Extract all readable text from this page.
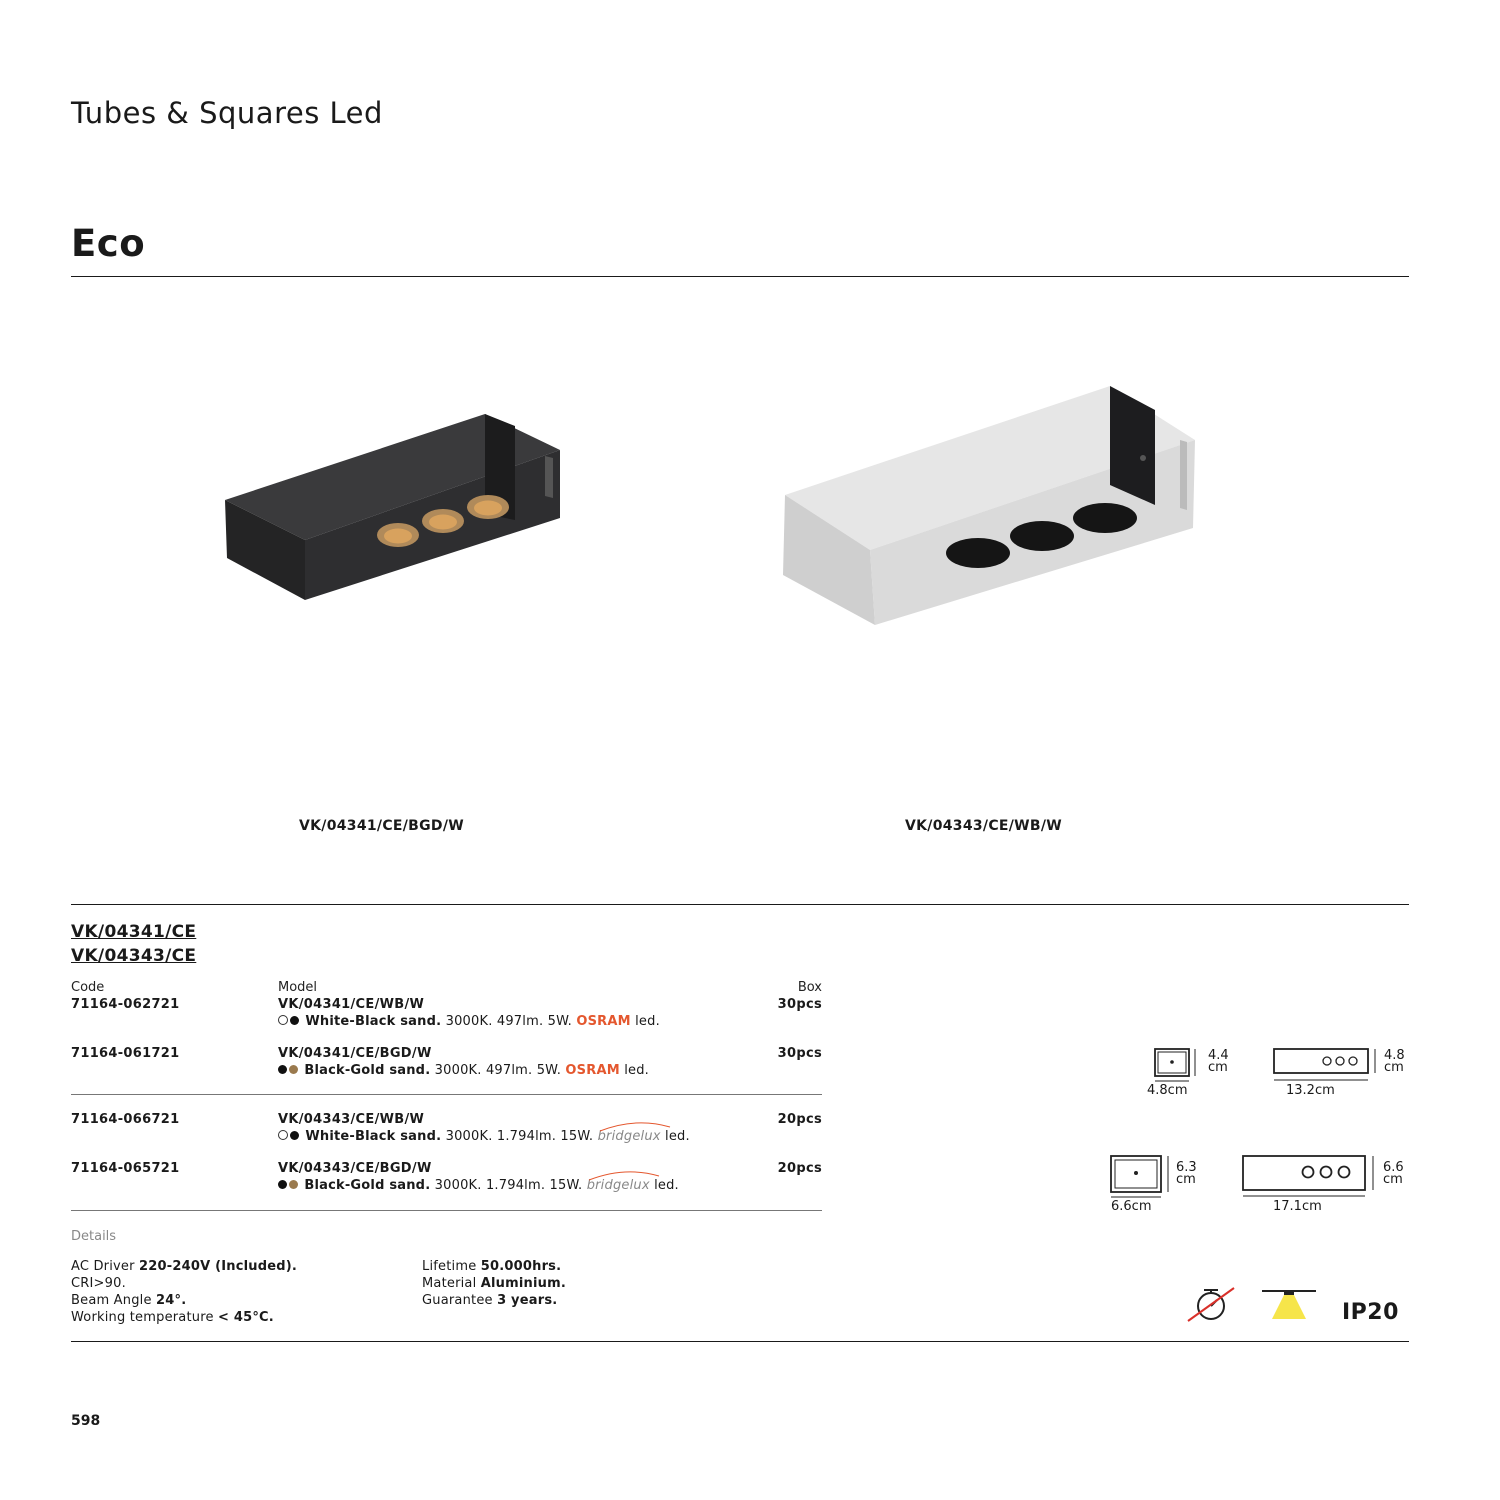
Tubes & Squares Led
Eco
VK/04341/CE/BGD/W	VK/04343/CE/WB/W
VK/04341/CE
VK/04343/CE
Code	Model	Box
71164-062721	VK/04341/CE/WB/W	30pcs
White-Black sand. 3000K. 497lm. 5W. OSRAM led.
71164-061721	VK/04341/CE/BGD/W	30pcs
Black-Gold sand. 3000K. 497lm. 5W. OSRAM led.
71164-066721	VK/04343/CE/WB/W	20pcs
White-Black sand. 3000K. 1.794lm. 15W. bridgelux led.
71164-065721	VK/04343/CE/BGD/W	20pcs
Black-Gold sand. 3000K. 1.794lm. 15W. bridgelux led.
Details
AC Driver 220-240V (Included).
CRI>90.
Beam Angle 24°.
Working temperature < 45°C.
Lifetime 50.000hrs.
Material Aluminium.
Guarantee 3 years.
4.4
cm
4.8cm
4.8
cm
13.2cm
6.3
cm
6.6cm
6.6
cm
17.1cm
IP20
598
